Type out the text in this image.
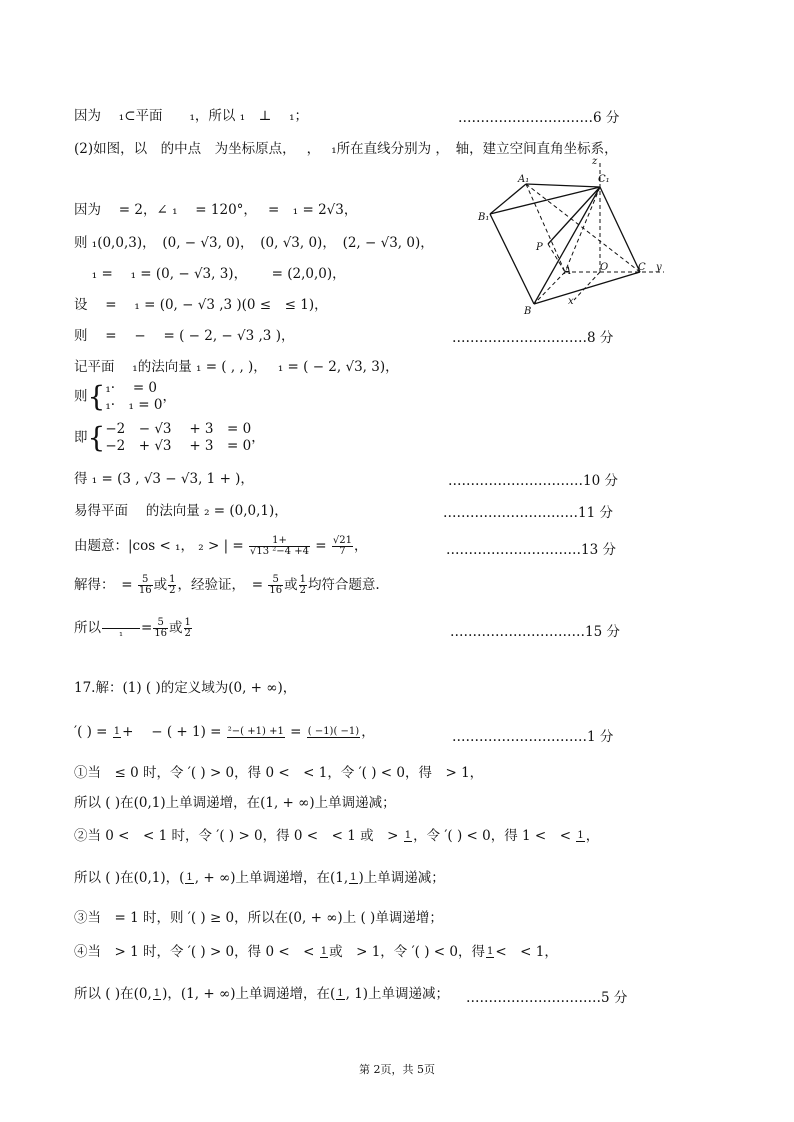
因为　 ₁⊂平面　　₁，所以 ₁　⊥　 ₁；	…………………………6 分
(2)如图，以　的中点　为坐标原点，　 ，　 ₁所在直线分别为 ，　轴，建立空间直角坐标系，
因为　 = 2，∠ ₁　 = 120°，　 =　₁ = 2√3，
则 ₁(0,0,3)，　(0, − √3, 0)，　(0, √3, 0)，　(2, − √3, 0)，
　 ₁ =　 ₁ = (0, − √3, 3)，　　 = (2,0,0)，
设　 =　 ₁ = (0, − √3 ,3 )(0 ≤　≤ 1)，
则　 =　 −　 = ( − 2, − √3 ,3 )，	…………………………8 分
记平面　 ₁的法向量 ₁ = ( , , )，　 ₁ = ( − 2, √3, 3)，
得 ₁ = (3 , √3 − √3, 1 + )，	…………………………10 分
易得平面　 的法向量 ₂ = (0,0,1)，	…………………………11 分
17.解：(1) ( )的定义域为(0, + ∞)，
①当　≤ 0 时，令 ′( ) > 0，得 0 <　< 1，令 ′( ) < 0，得　> 1，
所以 ( )在(0,1)上单调递增，在(1, + ∞)上单调递减；
③当　= 1 时，则 ′( ) ≥ 0，所以在(0, + ∞)上 ( )单调递增；
z
A₁	C₁
B₁
P
A	O	C y
x
B
则{₁·　 = 0
₁·　₁ = 0，
即{−2　− √3　 + 3　= 0
−2　+ √3　 + 3　= 0，
由题意：|cos < ₁， ₂ > | = $\frac{1+}{\text{√13 ²−4 +4}} = \frac{√21}{7}$ ，	…………………………13 分
解得：　= $\frac{5}{16}$ 或 $\frac{1}{2}$ ，经验证，　= $\frac{5}{16}$ 或 $\frac{1}{2}$ 均符合题意.
所以
	₁	= $\frac{5}{16}$ 或 $\frac{1}{2}$	…………………………15 分
′( ) = 1 +　 − ( + 1) = ²−( +1) +1 = ( −1)( −1) ，	…………………………1 分
②当 0 <　< 1 时，令 ′( ) > 0，得 0 <　< 1 或　> 1 ，令 ′( ) < 0，得 1 <　< 1 ，
所以 ( )在(0,1)，( 1 , + ∞)上单调递增，在(1, 1 )上单调递减；
④当　> 1 时，令 ′( ) > 0，得 0 <　< 1 或　> 1，令 ′( ) < 0，得 1 <　< 1，
所以 ( )在(0, 1 )，(1, + ∞)上单调递增，在( 1 , 1)上单调递减； …………………………5 分
第 2页，共 5页
